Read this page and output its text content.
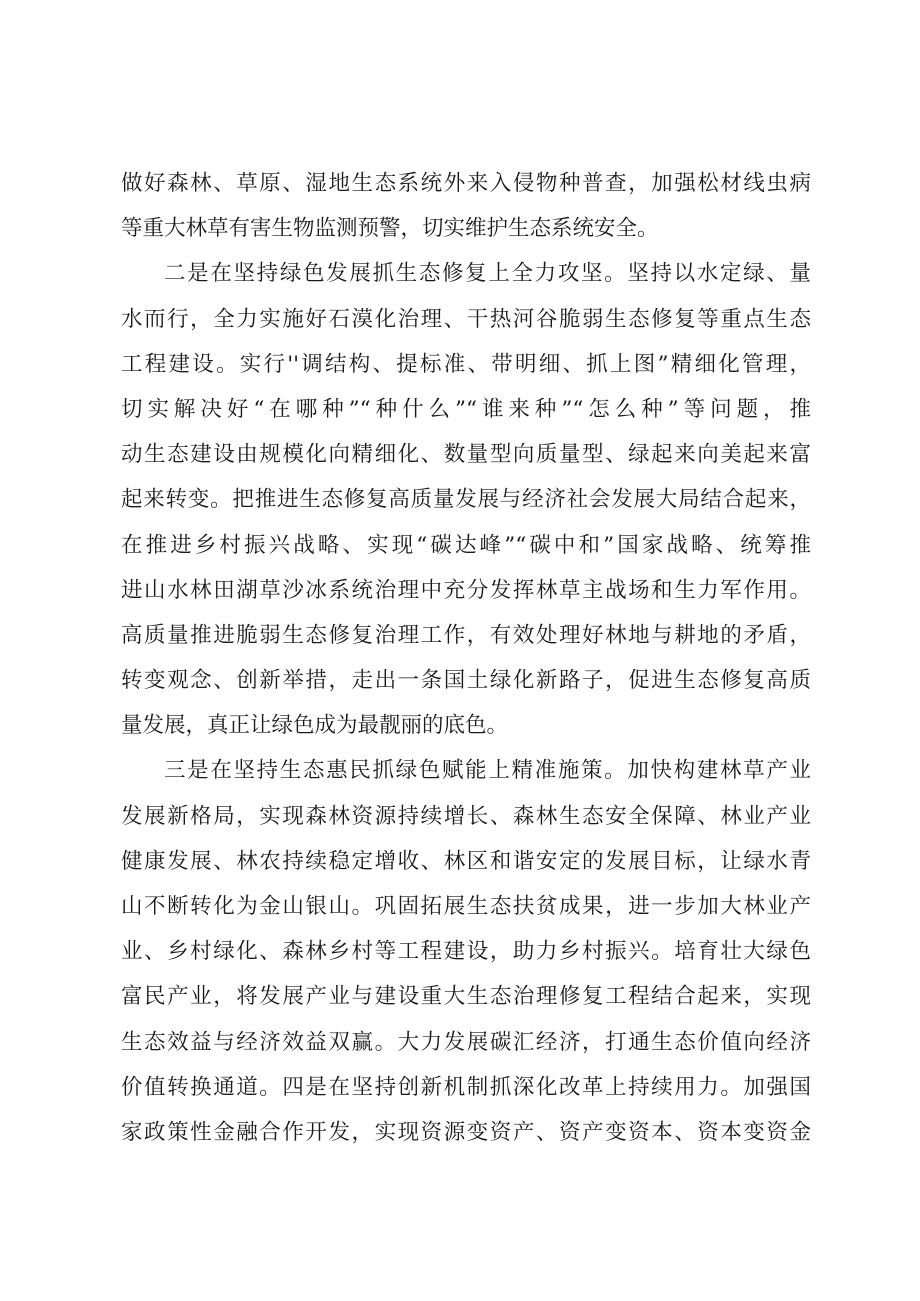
做好森林、草原、湿地生态系统外来入侵物种普查，加强松材线虫病
等重大林草有害生物监测预警，切实维护生态系统安全。
二是在坚持绿色发展抓生态修复上全力攻坚。坚持以水定绿、量
水而行，全力实施好石漠化治理、干热河谷脆弱生态修复等重点生态
工程建设。实行''调结构、提标准、带明细、抓上图”精细化管理，
切实解决好“在哪种”“种什么”“谁来种”“怎么种”等问题，推
动生态建设由规模化向精细化、数量型向质量型、绿起来向美起来富
起来转变。把推进生态修复高质量发展与经济社会发展大局结合起来，
在推进乡村振兴战略、实现“碳达峰”“碳中和”国家战略、统筹推
进山水林田湖草沙冰系统治理中充分发挥林草主战场和生力军作用。
高质量推进脆弱生态修复治理工作，有效处理好林地与耕地的矛盾，
转变观念、创新举措，走出一条国土绿化新路子，促进生态修复高质
量发展，真正让绿色成为最靓丽的底色。
三是在坚持生态惠民抓绿色赋能上精准施策。加快构建林草产业
发展新格局，实现森林资源持续增长、森林生态安全保障、林业产业
健康发展、林农持续稳定增收、林区和谐安定的发展目标，让绿水青
山不断转化为金山银山。巩固拓展生态扶贫成果，进一步加大林业产
业、乡村绿化、森林乡村等工程建设，助力乡村振兴。培育壮大绿色
富民产业，将发展产业与建设重大生态治理修复工程结合起来，实现
生态效益与经济效益双赢。大力发展碳汇经济，打通生态价值向经济
价值转换通道。四是在坚持创新机制抓深化改革上持续用力。加强国
家政策性金融合作开发，实现资源变资产、资产变资本、资本变资金
